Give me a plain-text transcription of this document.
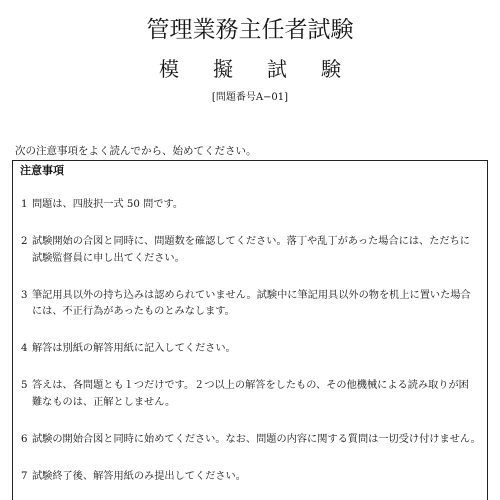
管理業務主任者試験
模擬試験
[問題番号A−01]
次の注意事項をよく読んでから、始めてください。
注意事項
1 問題は、四肢択一式 50 問です。
2 試験開始の合図と同時に、問題数を確認してください。落丁や乱丁があった場合には、ただちに
試験監督員に申し出てください。
3 筆記用具以外の持ち込みは認められていません。試験中に筆記用具以外の物を机上に置いた場合
には、不正行為があったものとみなします。
4 解答は別紙の解答用紙に記入してください。
5 答えは、各問題とも１つだけです。２つ以上の解答をしたもの、その他機械による読み取りが困
難なものは、正解としません。
6 試験の開始合図と同時に始めてください。なお、問題の内容に関する質問は一切受け付けません。
7 試験終了後、解答用紙のみ提出してください。
